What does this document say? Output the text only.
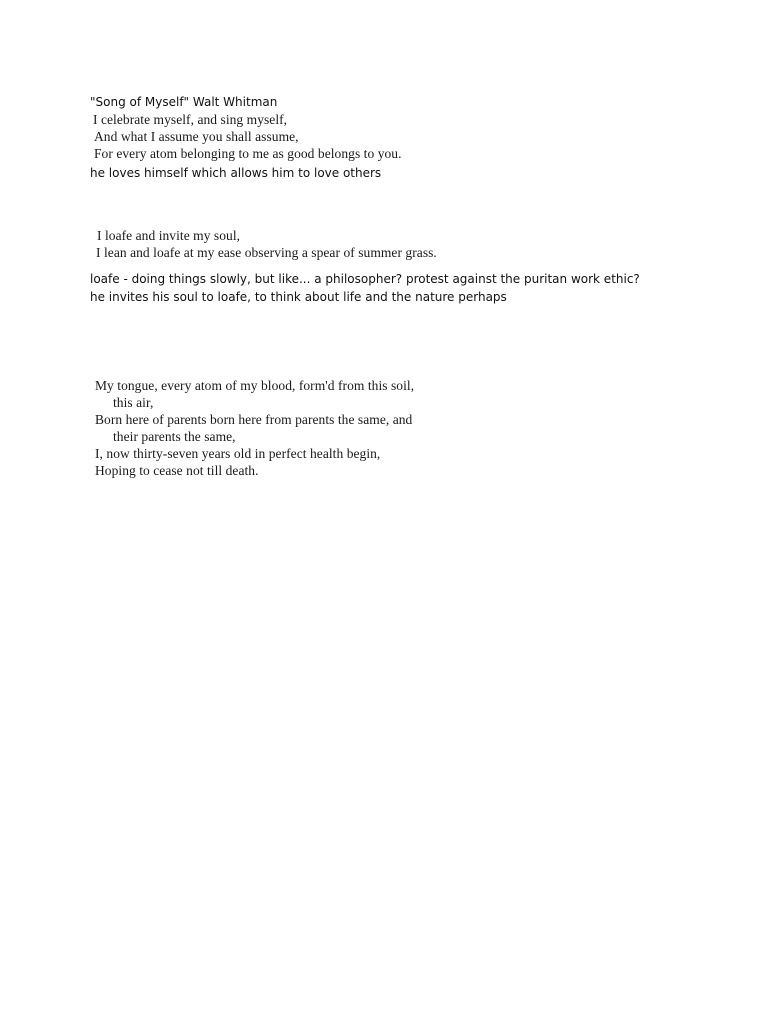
"Song of Myself" Walt Whitman

I celebrate myself, and sing myself,

And what I assume you shall assume,

For every atom belonging to me as good belongs to you.

he loves himself which allows him to love others

I loafe and invite my soul,

I lean and loafe at my ease observing a spear of summer grass.

loafe - doing things slowly, but like... a philosopher? protest against the puritan work ethic?

he invites his soul to loafe, to think about life and the nature perhaps

My tongue, every atom of my blood, form'd from this soil,

this air,

Born here of parents born here from parents the same, and

their parents the same,

I, now thirty-seven years old in perfect health begin,

Hoping to cease not till death.
